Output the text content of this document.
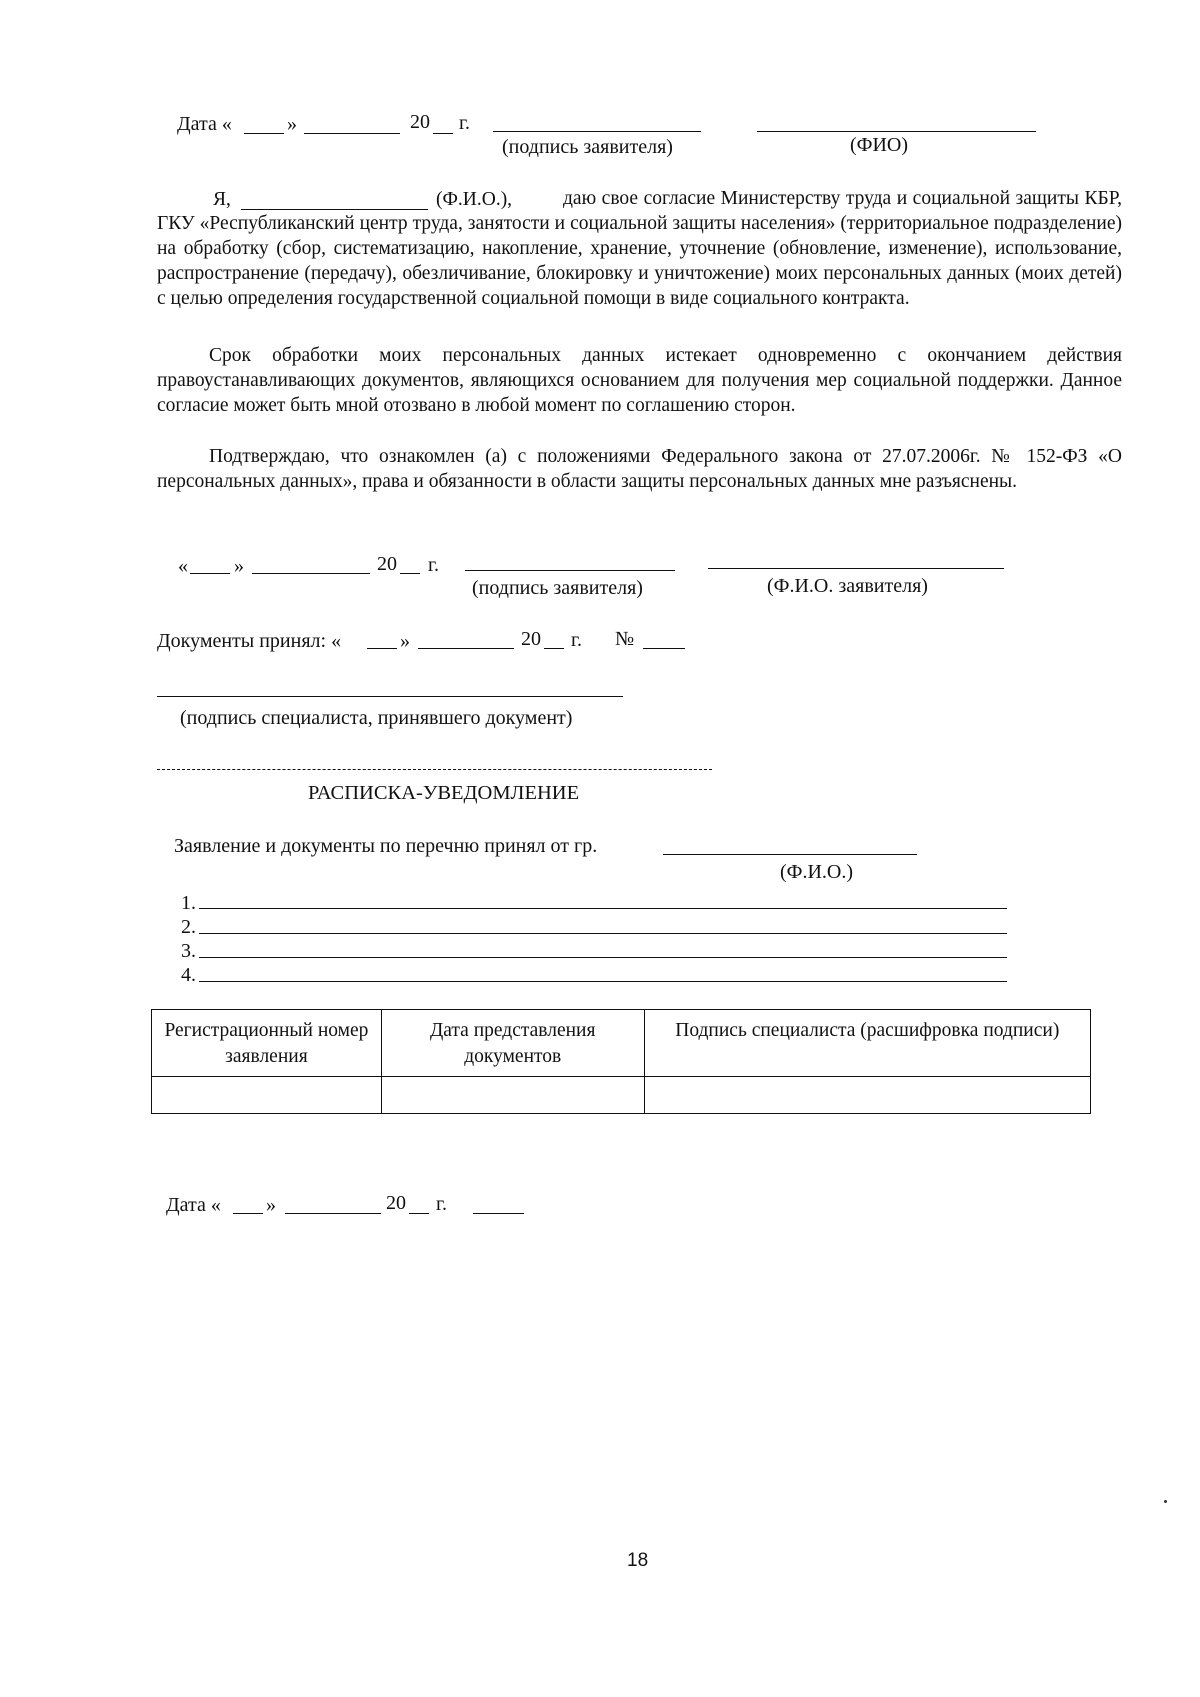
Дата «	»	20 г.
(подпись заявителя)	(ФИО)
Я,	(Ф.И.О.),	даю свое согласие Министерству труда и социальной защиты КБР, ГКУ «Республиканский центр труда, занятости и социальной защиты населения» (территориальное подразделение) на обработку (сбор, систематизацию, накопление, хранение, уточнение (обновление, изменение), использование, распространение (передачу), обезличивание, блокировку и уничтожение) моих персональных данных (моих детей) с целью определения государственной социальной помощи в виде социального контракта.

Срок обработки моих персональных данных истекает одновременно с окончанием действия правоустанавливающих документов, являющихся основанием для получения мер социальной поддержки. Данное согласие может быть мной отозвано в любой момент по соглашению сторон.

Подтверждаю, что ознакомлен (а) с положениями Федерального закона от 27.07.2006г. № 152-ФЗ «О персональных данных», права и обязанности в области защиты персональных данных мне разъяснены.

« »	20 г.
(подпись заявителя)	(Ф.И.О. заявителя)
Документы принял: «	»	20 г. №
(подпись специалиста, принявшего документ)
РАСПИСКА-УВЕДОМЛЕНИЕ
Заявление и документы по перечню принял от гр.
(Ф.И.О.)
1.
2.
3.
4.
Регистрационный номер заявления	Дата представления документов	Подпись специалиста (расшифровка подписи)

Дата « »	20 г.
18
